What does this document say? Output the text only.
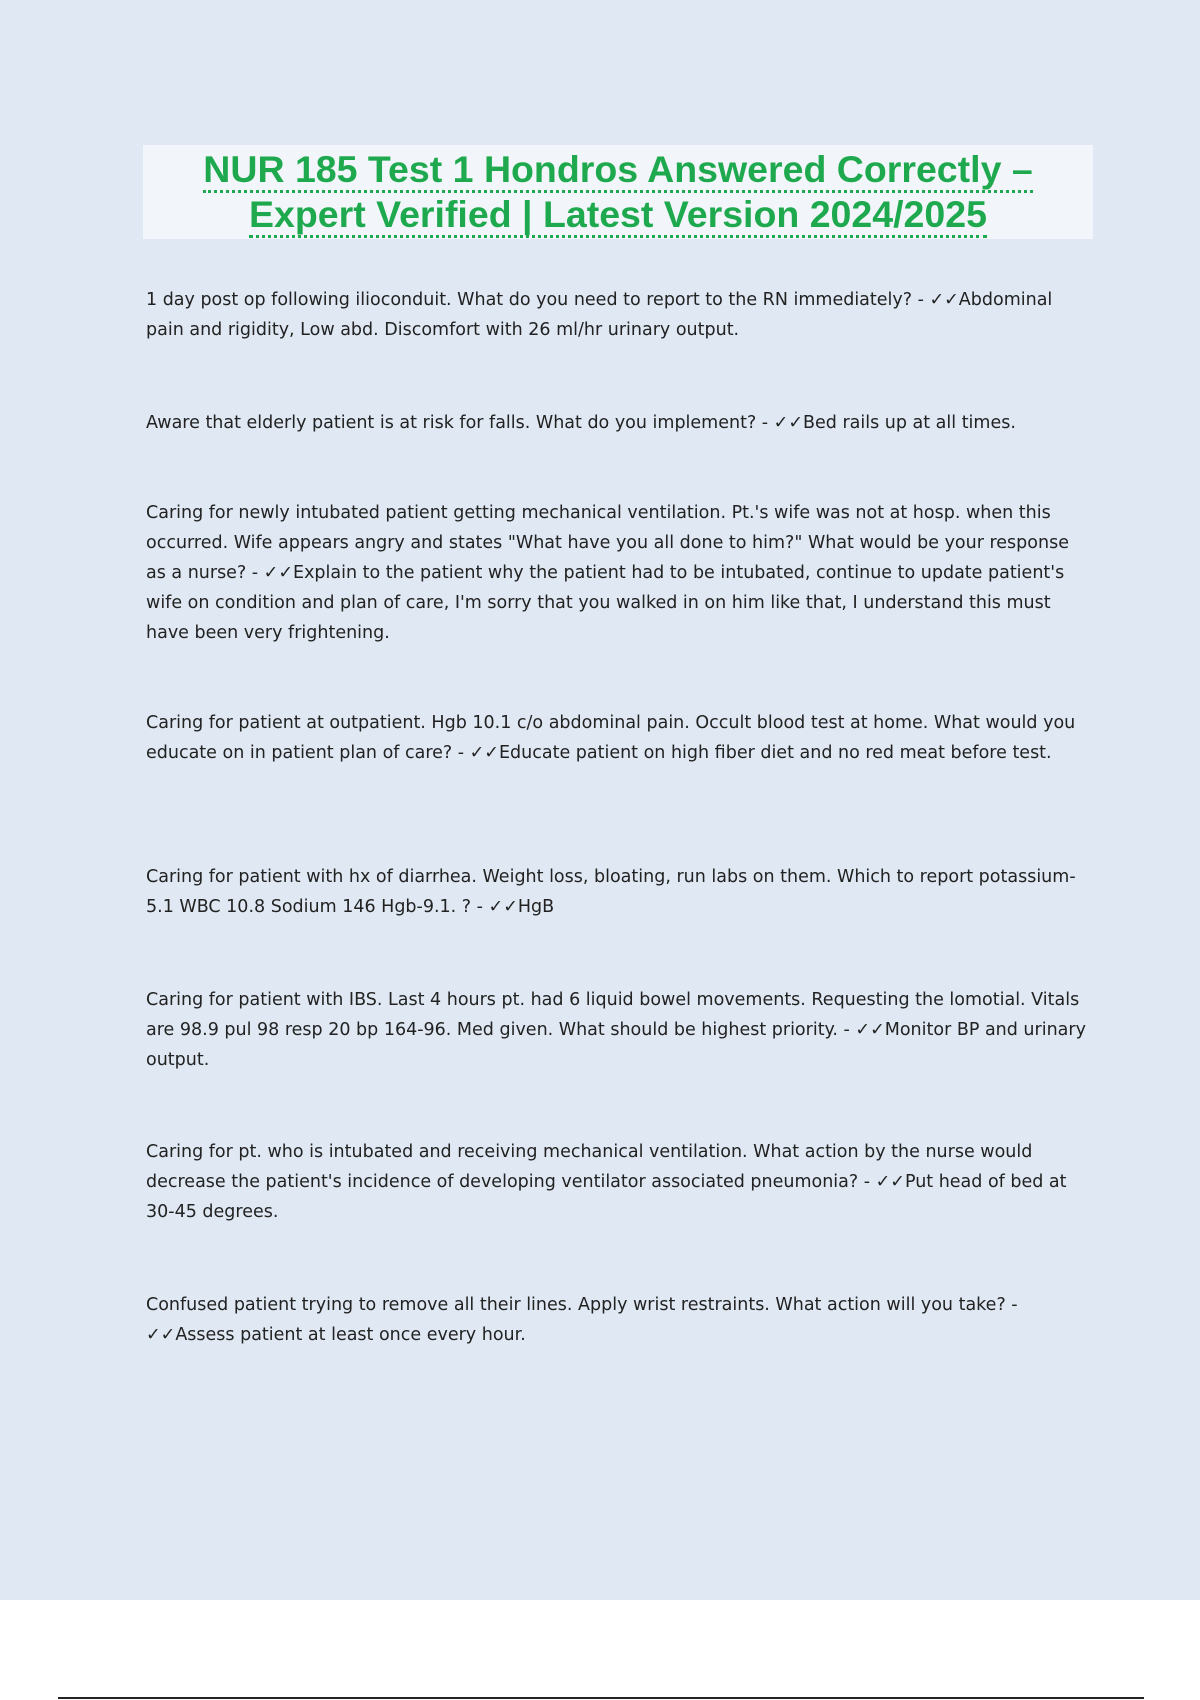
NUR 185 Test 1 Hondros Answered Correctly –
Expert Verified | Latest Version 2024/2025

1 day post op following ilioconduit. What do you need to report to the RN immediately? - ✓✓Abdominal pain and rigidity, Low abd. Discomfort with 26 ml/hr urinary output.

Aware that elderly patient is at risk for falls. What do you implement? - ✓✓Bed rails up at all times.

Caring for newly intubated patient getting mechanical ventilation. Pt.'s wife was not at hosp. when this occurred. Wife appears angry and states "What have you all done to him?" What would be your response as a nurse? - ✓✓Explain to the patient why the patient had to be intubated, continue to update patient's wife on condition and plan of care, I'm sorry that you walked in on him like that, I understand this must have been very frightening.

Caring for patient at outpatient. Hgb 10.1 c/o abdominal pain. Occult blood test at home. What would you educate on in patient plan of care? - ✓✓Educate patient on high fiber diet and no red meat before test.

Caring for patient with hx of diarrhea. Weight loss, bloating, run labs on them. Which to report potassium-5.1 WBC 10.8 Sodium 146 Hgb-9.1. ? - ✓✓HgB

Caring for patient with IBS. Last 4 hours pt. had 6 liquid bowel movements. Requesting the lomotial. Vitals are 98.9 pul 98 resp 20 bp 164-96. Med given. What should be highest priority. - ✓✓Monitor BP and urinary output.

Caring for pt. who is intubated and receiving mechanical ventilation. What action by the nurse would decrease the patient's incidence of developing ventilator associated pneumonia? - ✓✓Put head of bed at 30-45 degrees.

Confused patient trying to remove all their lines. Apply wrist restraints. What action will you take? - ✓✓Assess patient at least once every hour.
